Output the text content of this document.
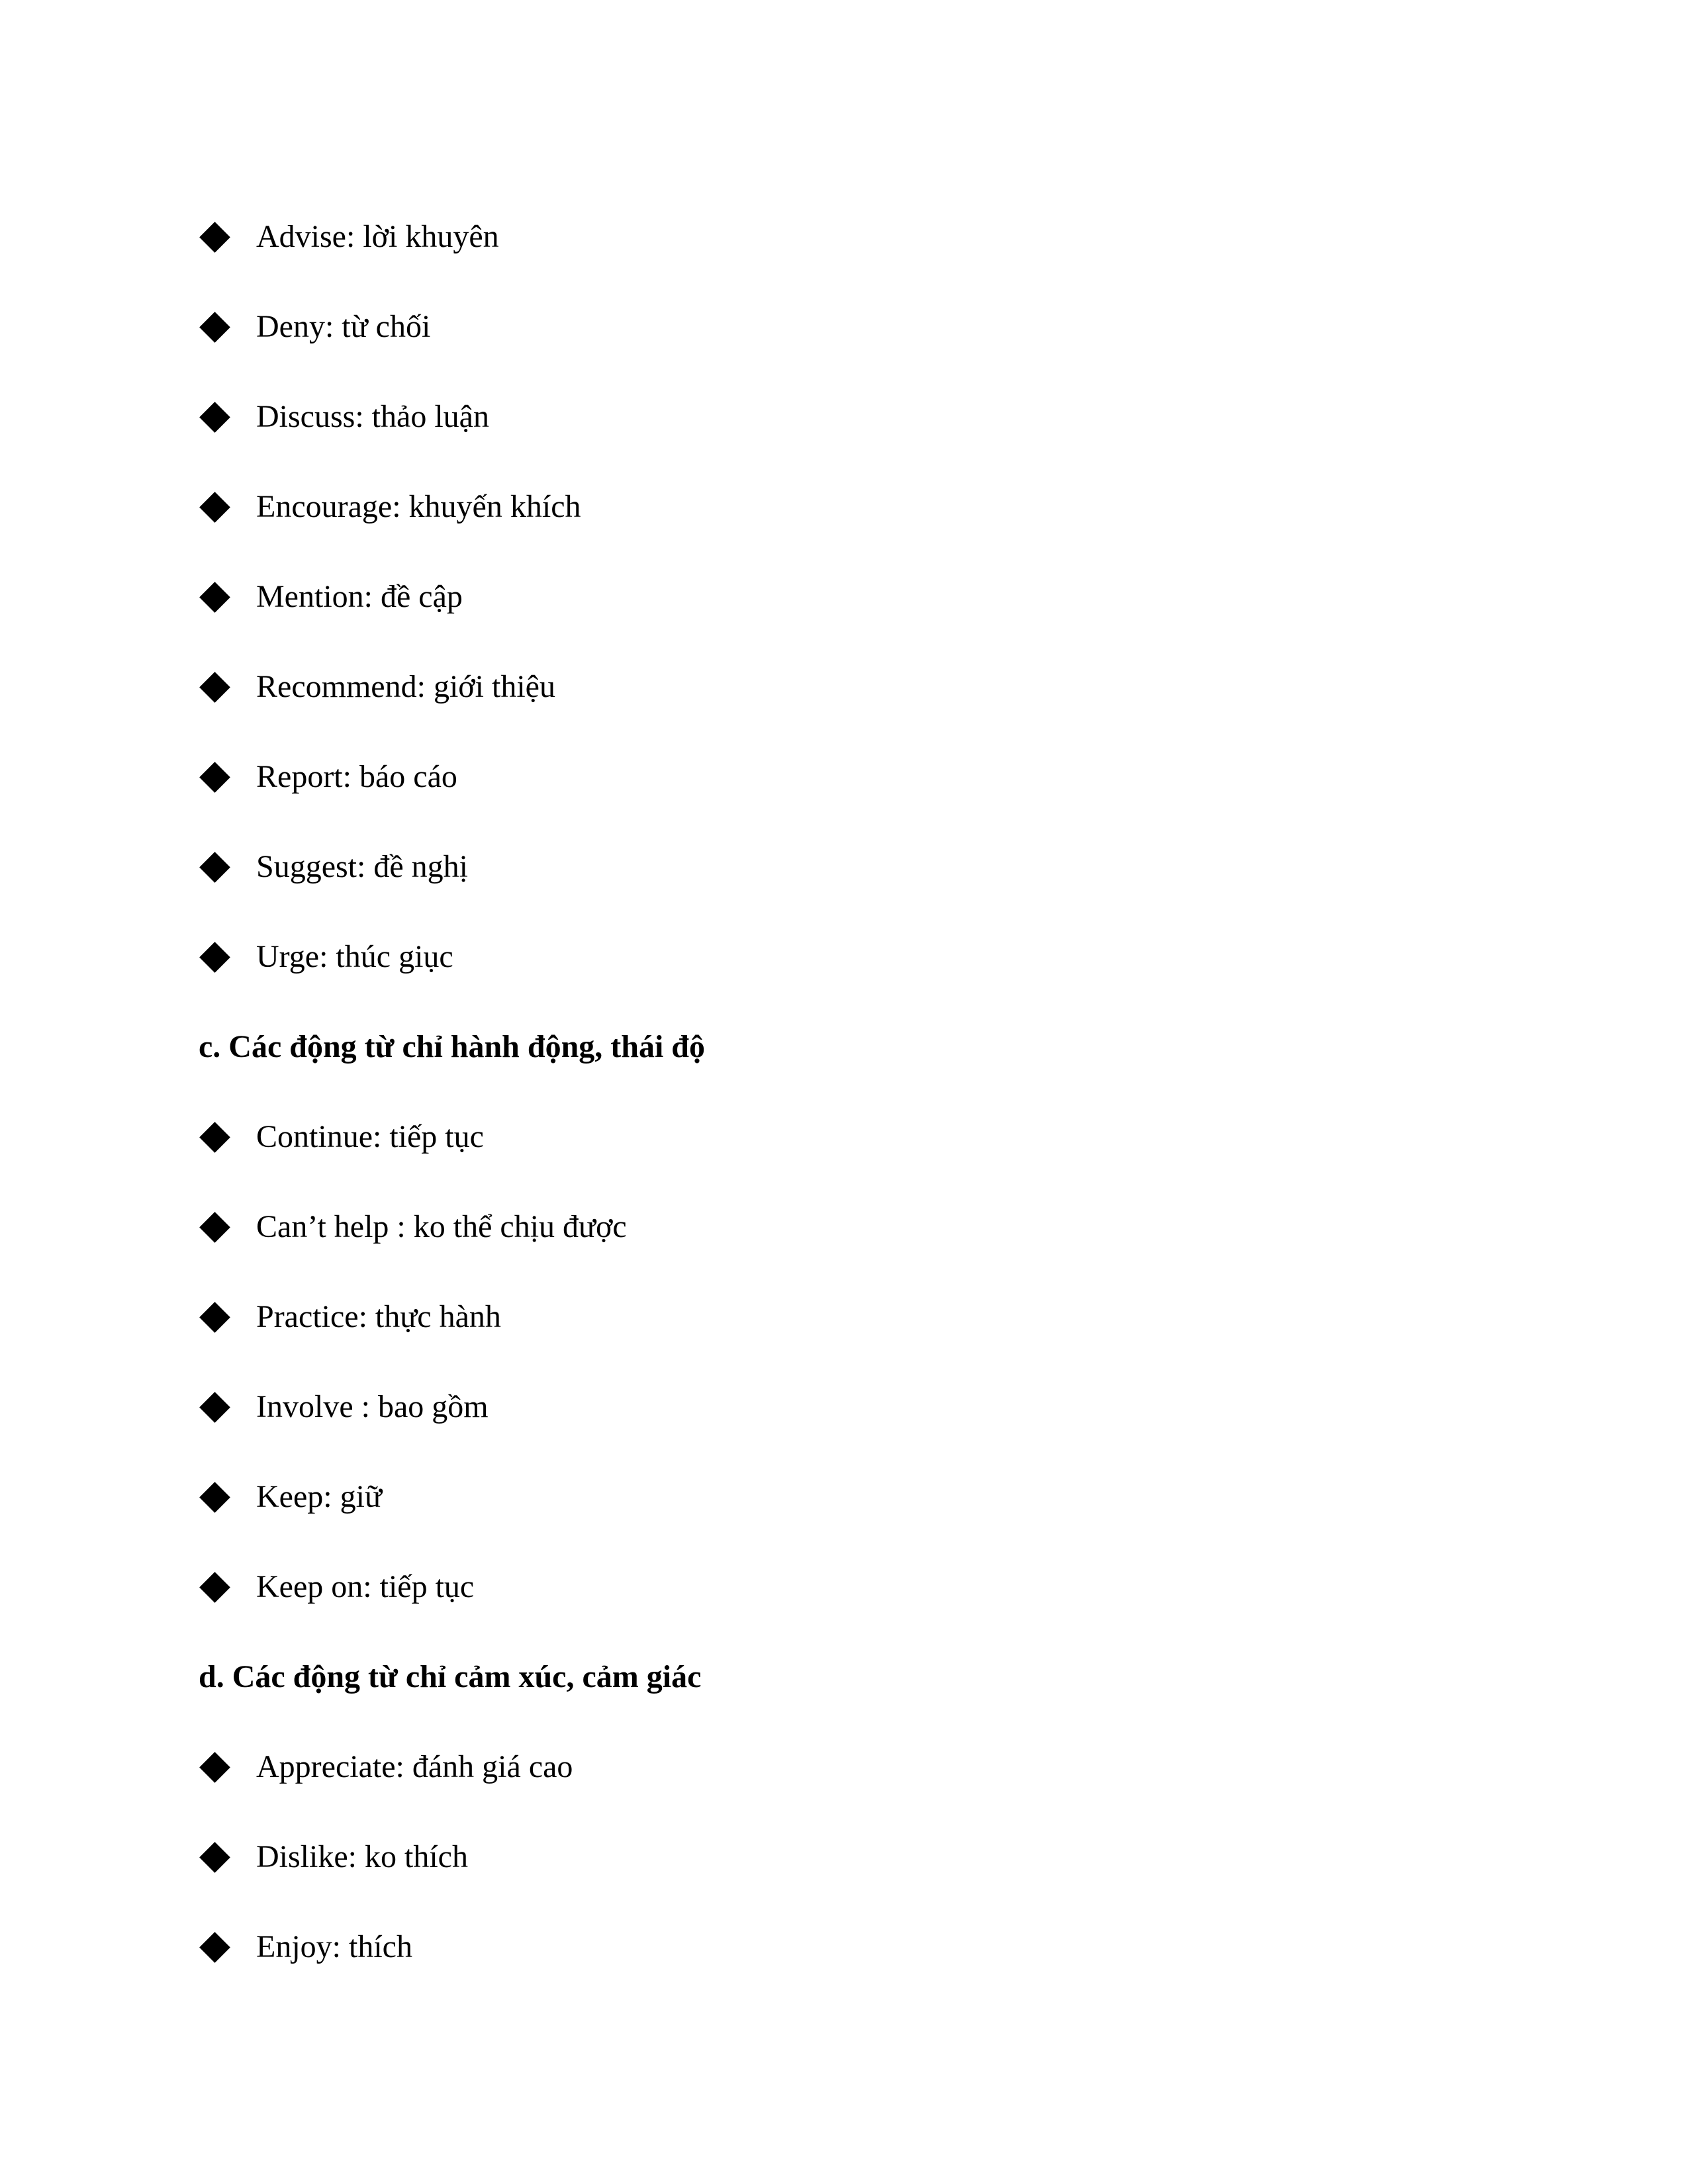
Advise: lời khuyên
Deny: từ chối
Discuss: thảo luận
Encourage: khuyến khích
Mention: đề cập
Recommend: giới thiệu
Report: báo cáo
Suggest: đề nghị
Urge: thúc giục
c. Các động từ chỉ hành động, thái độ
Continue: tiếp tục
Can’t help : ko thể chịu được
Practice: thực hành
Involve : bao gồm
Keep: giữ
Keep on: tiếp tục
d. Các động từ chỉ cảm xúc, cảm giác
Appreciate: đánh giá cao
Dislike: ko thích
Enjoy: thích
